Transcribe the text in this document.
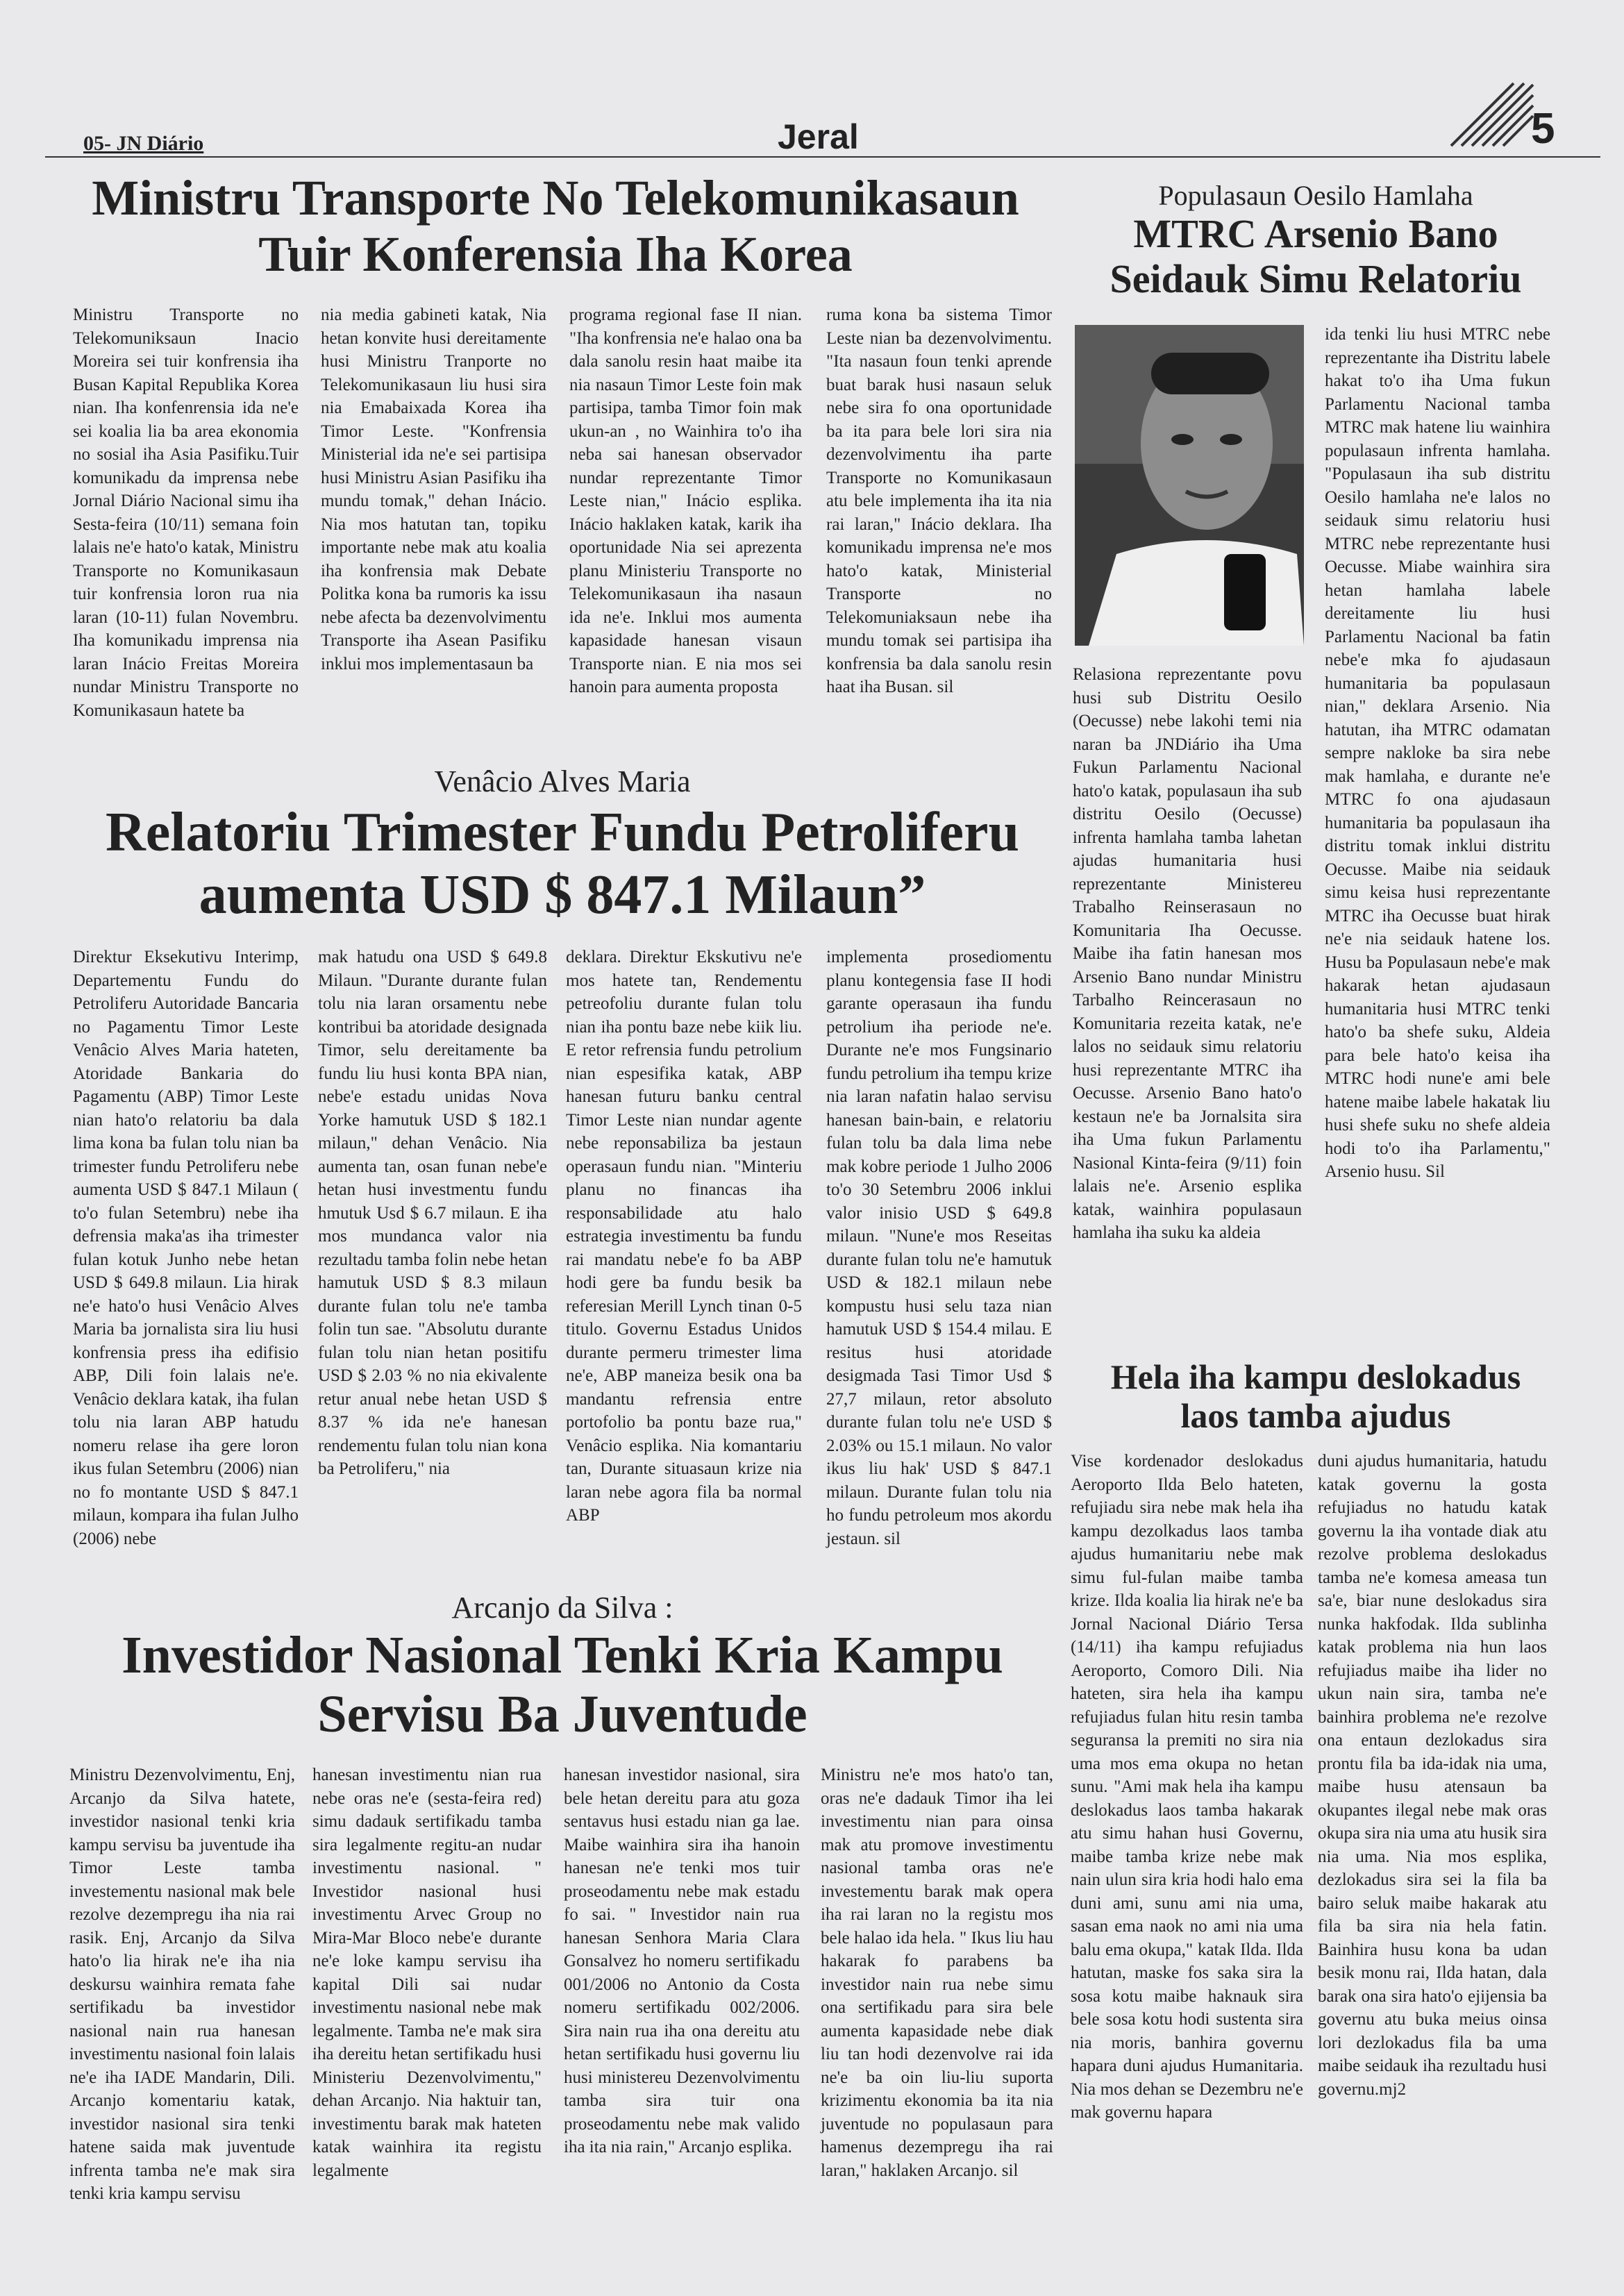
05- JN Diário	Jeral	5
Ministru Transporte No Telekomunikasaun
Tuir Konferensia Iha Korea
Ministru Transporte no Telekomuniksaun Inacio Moreira sei tuir konfrensia iha Busan Kapital Republika Korea nian. Iha konfenrensia ida ne'e sei koalia lia ba area ekonomia no sosial iha Asia Pasifiku.Tuir komunikadu da imprensa nebe Jornal Diário Nacional simu iha Sesta-feira (10/11) semana foin lalais ne'e hato'o katak, Ministru Transporte no Komunikasaun tuir konfrensia loron rua nia laran (10-11) fulan Novembru. Iha komunikadu imprensa nia laran Inácio Freitas Moreira nundar Ministru Transporte no Komunikasaun hatete ba
nia media gabineti katak, Nia hetan konvite husi dereitamente husi Ministru Tranporte no Telekomunikasaun liu husi sira nia Emabaixada Korea iha Timor Leste. "Konfrensia Ministerial ida ne'e sei partisipa husi Ministru Asian Pasifiku iha mundu tomak," dehan Inácio. Nia mos hatutan tan, topiku importante nebe mak atu koalia iha konfrensia mak Debate Politka kona ba rumoris ka issu nebe afecta ba dezenvolvimentu Transporte iha Asean Pasifiku inklui mos implementasaun ba
programa regional fase II nian. "Iha konfrensia ne'e halao ona ba dala sanolu resin haat maibe ita nia nasaun Timor Leste foin mak partisipa, tamba Timor foin mak ukun-an , no Wainhira to'o iha neba sai hanesan observador nundar reprezentante Timor Leste nian," Inácio esplika. Inácio haklaken katak, karik iha oportunidade Nia sei aprezenta planu Ministeriu Transporte no Telekomunikasaun iha nasaun ida ne'e. Inklui mos aumenta kapasidade hanesan visaun Transporte nian. E nia mos sei hanoin para aumenta proposta
ruma kona ba sistema Timor Leste nian ba dezenvolvimentu. "Ita nasaun foun tenki aprende buat barak husi nasaun seluk nebe sira fo ona oportunidade ba ita para bele lori sira nia dezenvolvimentu iha parte Transporte no Komunikasaun atu bele implementa iha ita nia rai laran," Inácio deklara. Iha komunikadu imprensa ne'e mos hato'o katak, Ministerial Transporte no Telekomuniaksaun nebe iha mundu tomak sei partisipa iha konfrensia ba dala sanolu resin haat iha Busan. sil
Venâcio Alves Maria
Relatoriu Trimester Fundu Petroliferu
aumenta USD $ 847.1 Milaun”
Direktur Eksekutivu Interimp, Departementu Fundu do Petroliferu Autoridade Bancaria no Pagamentu Timor Leste Venâcio Alves Maria hateten, Atoridade Bankaria do Pagamentu (ABP) Timor Leste nian hato'o relatoriu ba dala lima kona ba fulan tolu nian ba trimester fundu Petroliferu nebe aumenta USD $ 847.1 Milaun ( to'o fulan Setembru) nebe iha defrensia maka'as iha trimester fulan kotuk Junho nebe hetan USD $ 649.8 milaun. Lia hirak ne'e hato'o husi Venâcio Alves Maria ba jornalista sira liu husi konfrensia press iha edifisio ABP, Dili foin lalais ne'e. Venâcio deklara katak, iha fulan tolu nia laran ABP hatudu nomeru relase iha gere loron ikus fulan Setembru (2006) nian no fo montante USD $ 847.1 milaun, kompara iha fulan Julho (2006) nebe
mak hatudu ona USD $ 649.8 Milaun. "Durante durante fulan tolu nia laran orsamentu nebe kontribui ba atoridade designada Timor, selu dereitamente ba fundu liu husi konta BPA nian, nebe'e estadu unidas Nova Yorke hamutuk USD $ 182.1 milaun," dehan Venâcio. Nia aumenta tan, osan funan nebe'e hetan husi investmentu fundu hmutuk Usd $ 6.7 milaun. E iha mos mundanca valor nia rezultadu tamba folin nebe hetan hamutuk USD $ 8.3 milaun durante fulan tolu ne'e tamba folin tun sae. "Absolutu durante fulan tolu nian hetan positifu USD $ 2.03 % no nia ekivalente retur anual nebe hetan USD $ 8.37 % ida ne'e hanesan rendementu fulan tolu nian kona ba Petroliferu," nia
deklara. Direktur Ekskutivu ne'e mos hatete tan, Rendementu petreofoliu durante fulan tolu nian iha pontu baze nebe kiik liu. E retor refrensia fundu petrolium nian espesifika katak, ABP hanesan futuru banku central Timor Leste nian nundar agente nebe reponsabiliza ba jestaun operasaun fundu nian. "Minteriu planu no financas iha responsabilidade atu halo estrategia investimentu ba fundu rai mandatu nebe'e fo ba ABP hodi gere ba fundu besik ba referesian Merill Lynch tinan 0-5 titulo. Governu Estadus Unidos durante permeru trimester lima ne'e, ABP maneiza besik ona ba mandantu refrensia entre portofolio ba pontu baze rua," Venâcio esplika. Nia komantariu tan, Durante situasaun krize nia laran nebe agora fila ba normal ABP
implementa prosediomentu planu kontegensia fase II hodi garante operasaun iha fundu petrolium iha periode ne'e. Durante ne'e mos Fungsinario fundu petrolium iha tempu krize nia laran nafatin halao servisu hanesan bain-bain, e relatoriu fulan tolu ba dala lima nebe mak kobre periode 1 Julho 2006 to'o 30 Setembru 2006 inklui valor inisio USD $ 649.8 milaun. "Nune'e mos Reseitas durante fulan tolu ne'e hamutuk USD & 182.1 milaun nebe kompustu husi selu taza nian hamutuk USD $ 154.4 milau. E resitus husi atoridade desigmada Tasi Timor Usd $ 27,7 milaun, retor absoluto durante fulan tolu ne'e USD $ 2.03% ou 15.1 milaun. No valor ikus liu hak' USD $ 847.1 milaun. Durante fulan tolu nia ho fundu petroleum mos akordu jestaun. sil
Arcanjo da Silva :
Investidor Nasional Tenki Kria Kampu
Servisu Ba Juventude
Ministru Dezenvolvimentu, Enj, Arcanjo da Silva hatete, investidor nasional tenki kria kampu servisu ba juventude iha Timor Leste tamba investementu nasional mak bele rezolve dezempregu iha nia rai rasik. Enj, Arcanjo da Silva hato'o lia hirak ne'e iha nia deskursu wainhira remata fahe sertifikadu ba investidor nasional nain rua hanesan investimentu nasional foin lalais ne'e iha IADE Mandarin, Dili. Arcanjo komentariu katak, investidor nasional sira tenki hatene saida mak juventude infrenta tamba ne'e mak sira tenki kria kampu servisu
hanesan investimentu nian rua nebe oras ne'e (sesta-feira red) simu dadauk sertifikadu tamba sira legalmente regitu-an nudar investimentu nasional. " Investidor nasional husi investimentu Arvec Group no Mira-Mar Bloco nebe'e durante ne'e loke kampu servisu iha kapital Dili sai nudar investimentu nasional nebe mak legalmente. Tamba ne'e mak sira iha dereitu hetan sertifikadu husi Ministeriu Dezenvolvimentu," dehan Arcanjo. Nia haktuir tan, investimentu barak mak hateten katak wainhira ita registu legalmente
hanesan investidor nasional, sira bele hetan dereitu para atu goza sentavus husi estadu nian ga lae. Maibe wainhira sira iha hanoin hanesan ne'e tenki mos tuir proseodamentu nebe mak estadu fo sai. " Investidor nain rua hanesan Senhora Maria Clara Gonsalvez ho nomeru sertifikadu 001/2006 no Antonio da Costa nomeru sertifikadu 002/2006. Sira nain rua iha ona dereitu atu hetan sertifikadu husi governu liu husi ministereu Dezenvolvimentu tamba sira tuir ona proseodamentu nebe mak valido iha ita nia rain," Arcanjo esplika.
Ministru ne'e mos hato'o tan, oras ne'e dadauk Timor iha lei investimentu nian para oinsa mak atu promove investimentu nasional tamba oras ne'e investementu barak mak opera iha rai laran no la registu mos bele halao ida hela. " Ikus liu hau hakarak fo parabens ba investidor nain rua nebe simu ona sertifikadu para sira bele aumenta kapasidade nebe diak liu tan hodi dezenvolve rai ida ne'e ba oin liu-liu suporta krizimentu ekonomia ba ita nia juventude no populasaun para hamenus dezempregu iha rai laran," haklaken Arcanjo. sil
Populasaun Oesilo Hamlaha
MTRC Arsenio Bano
Seidauk Simu Relatoriu
Relasiona reprezentante povu husi sub Distritu Oesilo (Oecusse) nebe lakohi temi nia naran ba JNDiário iha Uma Fukun Parlamentu Nacional hato'o katak, populasaun iha sub distritu Oesilo (Oecusse) infrenta hamlaha tamba lahetan ajudas humanitaria husi reprezentante Ministereu Trabalho Reinserasaun no Komunitaria Iha Oecusse. Maibe iha fatin hanesan mos Arsenio Bano nundar Ministru Tarbalho Reincerasaun no Komunitaria rezeita katak, ne'e lalos no seidauk simu relatoriu husi reprezentante MTRC iha Oecusse. Arsenio Bano hato'o kestaun ne'e ba Jornalsita sira iha Uma fukun Parlamentu Nasional Kinta-feira (9/11) foin lalais ne'e. Arsenio esplika katak, wainhira populasaun hamlaha iha suku ka aldeia
ida tenki liu husi MTRC nebe reprezentante iha Distritu labele hakat to'o iha Uma fukun Parlamentu Nacional tamba MTRC mak hatene liu wainhira populasaun infrenta hamlaha. "Populasaun iha sub distritu Oesilo hamlaha ne'e lalos no seidauk simu relatoriu husi MTRC nebe reprezentante husi Oecusse. Miabe wainhira sira hetan hamlaha labele dereitamente liu husi Parlamentu Nacional ba fatin nebe'e mka fo ajudasaun humanitaria ba populasaun nian," deklara Arsenio. Nia hatutan, iha MTRC odamatan sempre nakloke ba sira nebe mak hamlaha, e durante ne'e MTRC fo ona ajudasaun humanitaria ba populasaun iha distritu tomak inklui distritu Oecusse. Maibe nia seidauk simu keisa husi reprezentante MTRC iha Oecusse buat hirak ne'e nia seidauk hatene los. Husu ba Populasaun nebe'e mak hakarak hetan ajudasaun humanitaria husi MTRC tenki hato'o ba shefe suku, Aldeia para bele hato'o keisa iha MTRC hodi nune'e ami bele hatene maibe labele hakatak liu husi shefe suku no shefe aldeia hodi to'o iha Parlamentu," Arsenio husu. Sil
Hela iha kampu deslokadus
laos tamba ajudus
Vise kordenador deslokadus Aeroporto Ilda Belo hateten, refujiadu sira nebe mak hela iha kampu dezolkadus laos tamba ajudus humanitariu nebe mak simu ful-fulan maibe tamba krize. Ilda koalia lia hirak ne'e ba Jornal Nacional Diário Tersa (14/11) iha kampu refujiadus Aeroporto, Comoro Dili. Nia hateten, sira hela iha kampu refujiadus fulan hitu resin tamba seguransa la premiti no sira nia uma mos ema okupa no hetan sunu. "Ami mak hela iha kampu deslokadus laos tamba hakarak atu simu hahan husi Governu, maibe tamba krize nebe mak nain ulun sira kria hodi halo ema duni ami, sunu ami nia uma, sasan ema naok no ami nia uma balu ema okupa," katak Ilda. Ilda hatutan, maske fos saka sira la sosa kotu maibe haknauk sira bele sosa kotu hodi sustenta sira nia moris, banhira governu hapara duni ajudus Humanitaria. Nia mos dehan se Dezembru ne'e mak governu hapara
duni ajudus humanitaria, hatudu katak governu la gosta refujiadus no hatudu katak governu la iha vontade diak atu rezolve problema deslokadus tamba ne'e komesa ameasa tun sa'e, biar nune deslokadus sira nunka hakfodak. Ilda sublinha katak problema nia hun laos refujiadus maibe iha lider no ukun nain sira, tamba ne'e bainhira problema ne'e rezolve ona entaun dezlokadus sira prontu fila ba ida-idak nia uma, maibe husu atensaun ba okupantes ilegal nebe mak oras okupa sira nia uma atu husik sira nia uma. Nia mos esplika, dezlokadus sira sei la fila ba bairo seluk maibe hakarak atu fila ba sira nia hela fatin. Bainhira husu kona ba udan besik monu rai, Ilda hatan, dala barak ona sira hato'o ejijensia ba governu atu buka meius oinsa lori dezlokadus fila ba uma maibe seidauk iha rezultadu husi governu.mj2
